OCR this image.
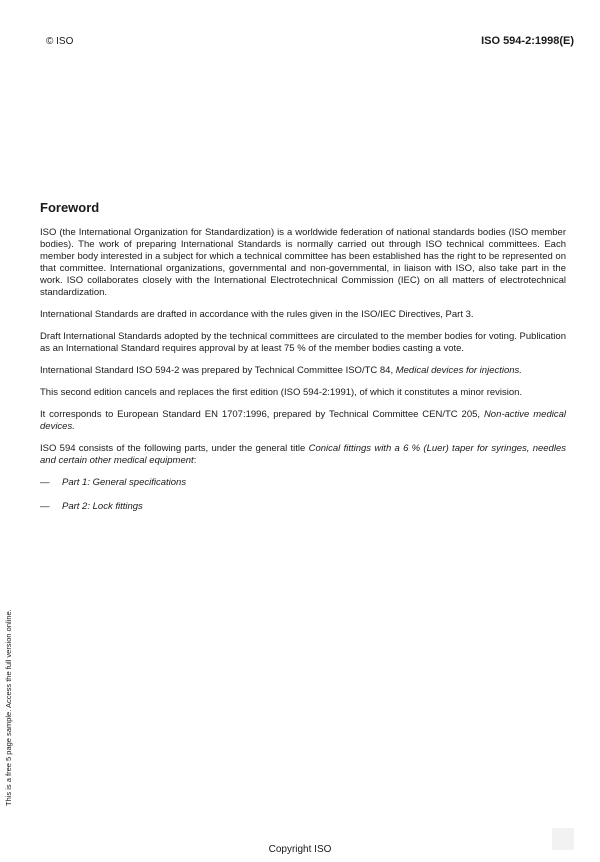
© ISO	ISO 594-2:1998(E)
Foreword

ISO (the International Organization for Standardization) is a worldwide federation of national standards bodies (ISO member bodies). The work of preparing International Standards is normally carried out through ISO technical committees. Each member body interested in a subject for which a technical committee has been established has the right to be represented on that committee. International organizations, governmental and non-governmental, in liaison with ISO, also take part in the work. ISO collaborates closely with the International Electrotechnical Commission (IEC) on all matters of electrotechnical standardization.

International Standards are drafted in accordance with the rules given in the ISO/IEC Directives, Part 3.

Draft International Standards adopted by the technical committees are circulated to the member bodies for voting. Publication as an International Standard requires approval by at least 75 % of the member bodies casting a vote.

International Standard ISO 594-2 was prepared by Technical Committee ISO/TC 84, Medical devices for injections.

This second edition cancels and replaces the first edition (ISO 594-2:1991), of which it constitutes a minor revision.

It corresponds to European Standard EN 1707:1996, prepared by Technical Committee CEN/TC 205, Non-active medical devices.

ISO 594 consists of the following parts, under the general title Conical fittings with a 6 % (Luer) taper for syringes, needles and certain other medical equipment:

—	Part 1: General specifications
—	Part 2: Lock fittings
This is a free 5 page sample. Access the full version online.
Copyright ISO
